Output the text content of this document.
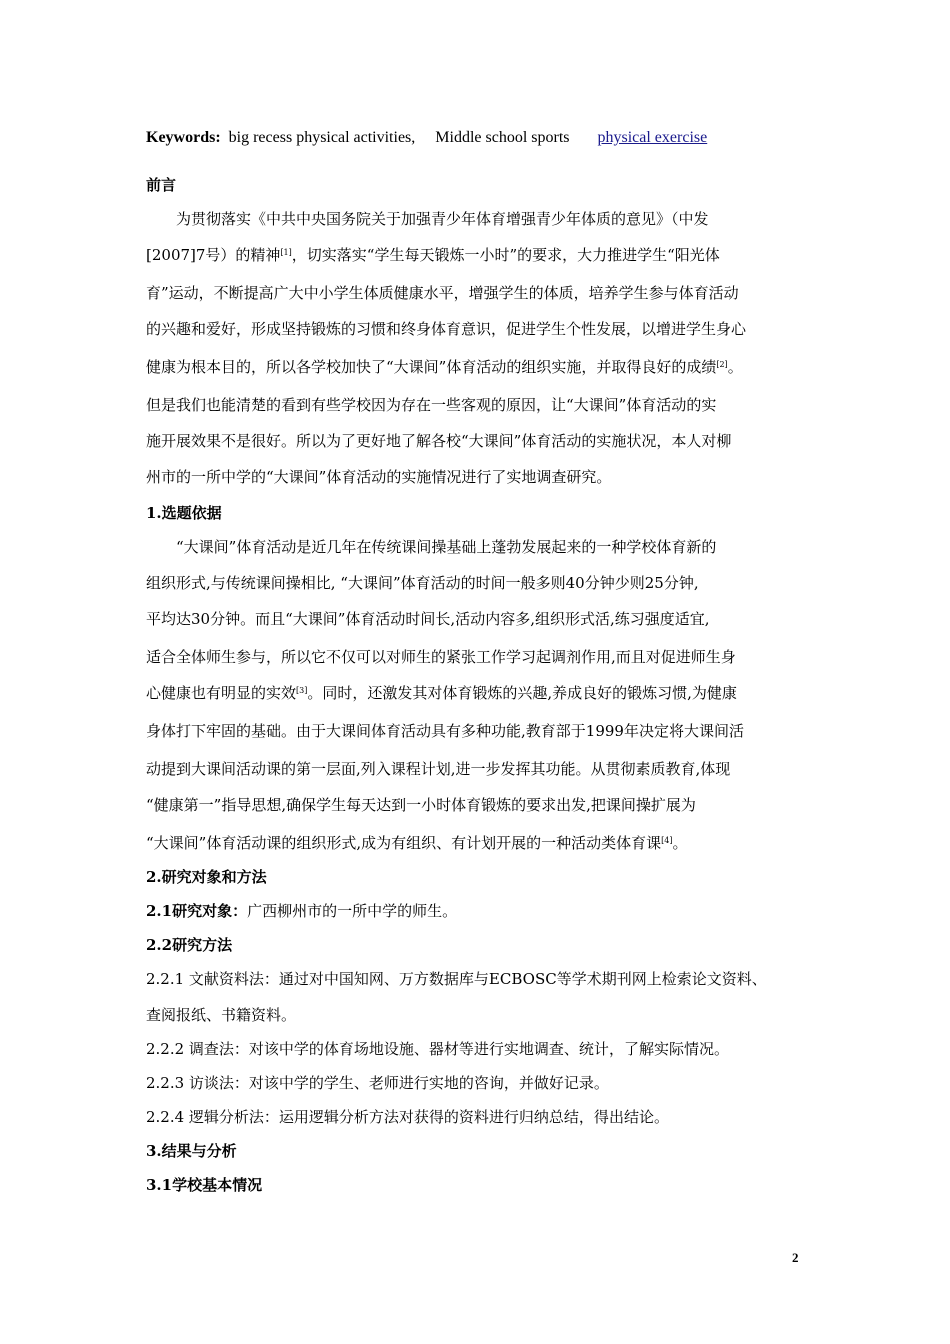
Keywords: big recess physical activities, Middle school sports physical exercise
前言
为贯彻落实《中共中央国务院关于加强青少年体育增强青少年体质的意见》（中发
[2007]7号）的精神[1]，切实落实“学生每天锻炼一小时”的要求，大力推进学生“阳光体
育”运动，不断提高广大中小学生体质健康水平，增强学生的体质，培养学生参与体育活动
的兴趣和爱好，形成坚持锻炼的习惯和终身体育意识，促进学生个性发展，以增进学生身心
健康为根本目的，所以各学校加快了“大课间”体育活动的组织实施，并取得良好的成绩[2]。
但是我们也能清楚的看到有些学校因为存在一些客观的原因，让“大课间”体育活动的实
施开展效果不是很好。所以为了更好地了解各校“大课间”体育活动的实施状况，本人对柳
州市的一所中学的“大课间”体育活动的实施情况进行了实地调查研究。
1.选题依据
“大课间”体育活动是近几年在传统课间操基础上蓬勃发展起来的一种学校体育新的
组织形式,与传统课间操相比, “大课间”体育活动的时间一般多则40分钟少则25分钟,
平均达30分钟。而且“大课间”体育活动时间长,活动内容多,组织形式活,练习强度适宜,
适合全体师生参与，所以它不仅可以对师生的紧张工作学习起调剂作用,而且对促进师生身
心健康也有明显的实效[3]。同时，还激发其对体育锻炼的兴趣,养成良好的锻炼习惯,为健康
身体打下牢固的基础。由于大课间体育活动具有多种功能,教育部于1999年决定将大课间活
动提到大课间活动课的第一层面,列入课程计划,进一步发挥其功能。从贯彻素质教育,体现
“健康第一”指导思想,确保学生每天达到一小时体育锻炼的要求出发,把课间操扩展为
“大课间”体育活动课的组织形式,成为有组织、有计划开展的一种活动类体育课[4]。
2.研究对象和方法
2.1研究对象：广西柳州市的一所中学的师生。
2.2研究方法
2.2.1 文献资料法：通过对中国知网、万方数据库与ECBOSC等学术期刊网上检索论文资料、
查阅报纸、书籍资料。
2.2.2 调查法：对该中学的体育场地设施、器材等进行实地调查、统计，了解实际情况。
2.2.3 访谈法：对该中学的学生、老师进行实地的咨询，并做好记录。
2.2.4 逻辑分析法：运用逻辑分析方法对获得的资料进行归纳总结，得出结论。
3.结果与分析
3.1学校基本情况
2
